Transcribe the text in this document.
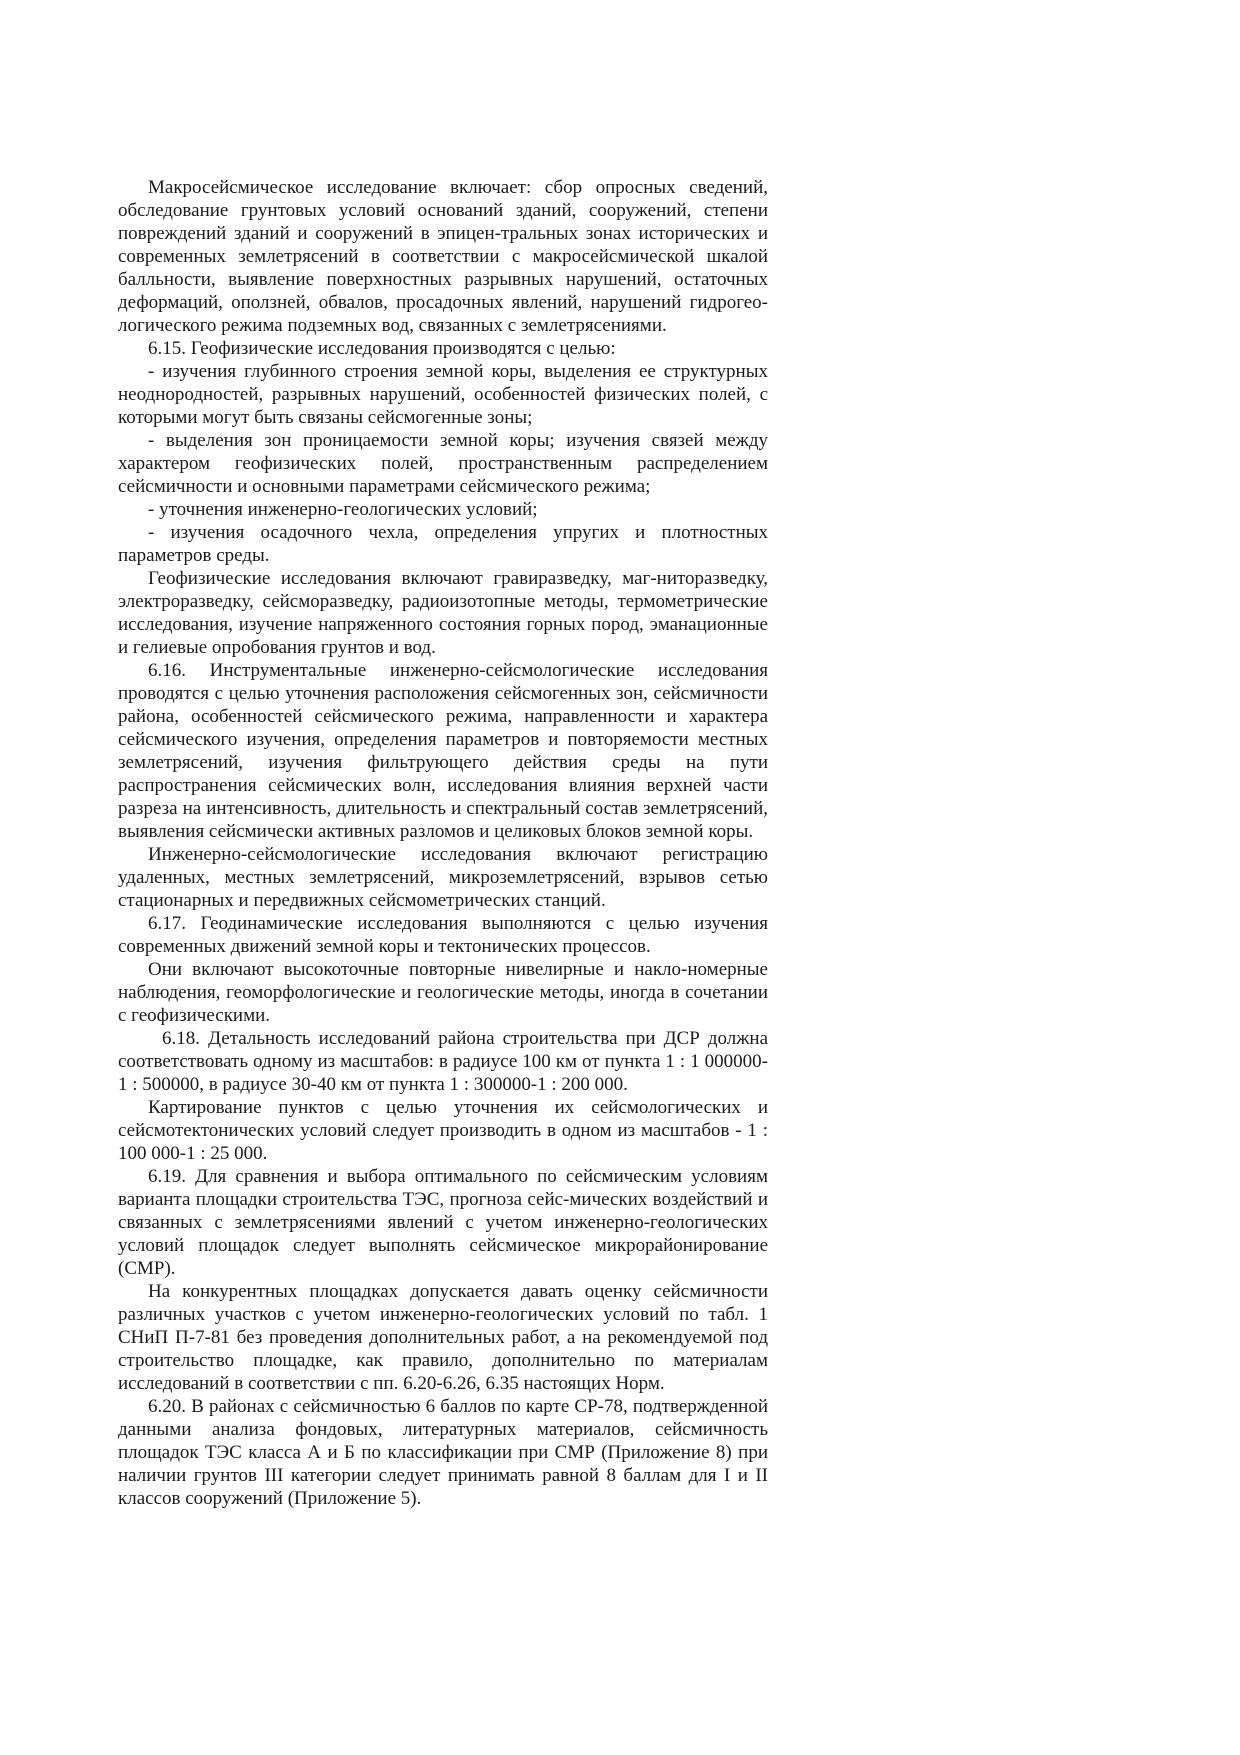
Макросейсмическое исследование включает: сбор опросных сведений, обследование грунтовых условий оснований зданий, сооружений, степени повреждений зданий и сооружений в эпицен-тральных зонах исторических и современных землетрясений в соответствии с макросейсмической шкалой балльности, выявление поверхностных разрывных нарушений, остаточных деформаций, оползней, обвалов, просадочных явлений, нарушений гидрогео-логического режима подземных вод, связанных с землетрясениями.

6.15. Геофизические исследования производятся с целью:

- изучения глубинного строения земной коры, выделения ее структурных неоднородностей, разрывных нарушений, особенностей физических полей, с которыми могут быть связаны сейсмогенные зоны;

- выделения зон проницаемости земной коры; изучения связей между характером геофизических полей, пространственным распределением сейсмичности и основными параметрами сейсмического режима;

- уточнения инженерно-геологических условий;

- изучения осадочного чехла, определения упругих и плотностных параметров среды.

Геофизические исследования включают гравиразведку, маг-ниторазведку, электроразведку, сейсморазведку, радиоизотопные методы, термометрические исследования, изучение напряженного состояния горных пород, эманационные и гелиевые опробования грунтов и вод.

6.16. Инструментальные инженерно-сейсмологические исследования проводятся с целью уточнения расположения сейсмогенных зон, сейсмичности района, особенностей сейсмического режима, направленности и характера сейсмического изучения, определения параметров и повторяемости местных землетрясений, изучения фильтрующего действия среды на пути распространения сейсмических волн, исследования влияния верхней части разреза на интенсивность, длительность и спектральный состав землетрясений, выявления сейсмически активных разломов и целиковых блоков земной коры.

Инженерно-сейсмологические исследования включают регистрацию удаленных, местных землетрясений, микроземлетрясений, взрывов сетью стационарных и передвижных сейсмометрических станций.

6.17. Геодинамические исследования выполняются с целью изучения современных движений земной коры и тектонических процессов.

Они включают высокоточные повторные нивелирные и накло-номерные наблюдения, геоморфологические и геологические методы, иногда в сочетании с геофизическими.

6.18. Детальность исследований района строительства при ДСР должна соответствовать одному из масштабов: в радиусе 100 км от пункта 1 : 1 000000-1 : 500000, в радиусе 30-40 км от пункта 1 : 300000-1 : 200 000.

Картирование пунктов с целью уточнения их сейсмологических и сейсмотектонических условий следует производить в одном из масштабов - 1 : 100 000-1 : 25 000.

6.19. Для сравнения и выбора оптимального по сейсмическим условиям варианта площадки строительства ТЭС, прогноза сейс-мических воздействий и связанных с землетрясениями явлений с учетом инженерно-геологических условий площадок следует выполнять сейсмическое микрорайонирование (СМР).

На конкурентных площадках допускается давать оценку сейсмичности различных участков с учетом инженерно-геологических условий по табл. 1 СНиП П-7-81 без проведения дополнительных работ, а на рекомендуемой под строительство площадке, как правило, дополнительно по материалам исследований в соответствии с пп. 6.20-6.26, 6.35 настоящих Норм.

6.20. В районах с сейсмичностью 6 баллов по карте СР-78, подтвержденной данными анализа фондовых, литературных материалов, сейсмичность площадок ТЭС класса А и Б по классификации при СМР (Приложение 8) при наличии грунтов III категории следует принимать равной 8 баллам для I и II классов сооружений (Приложение 5).
